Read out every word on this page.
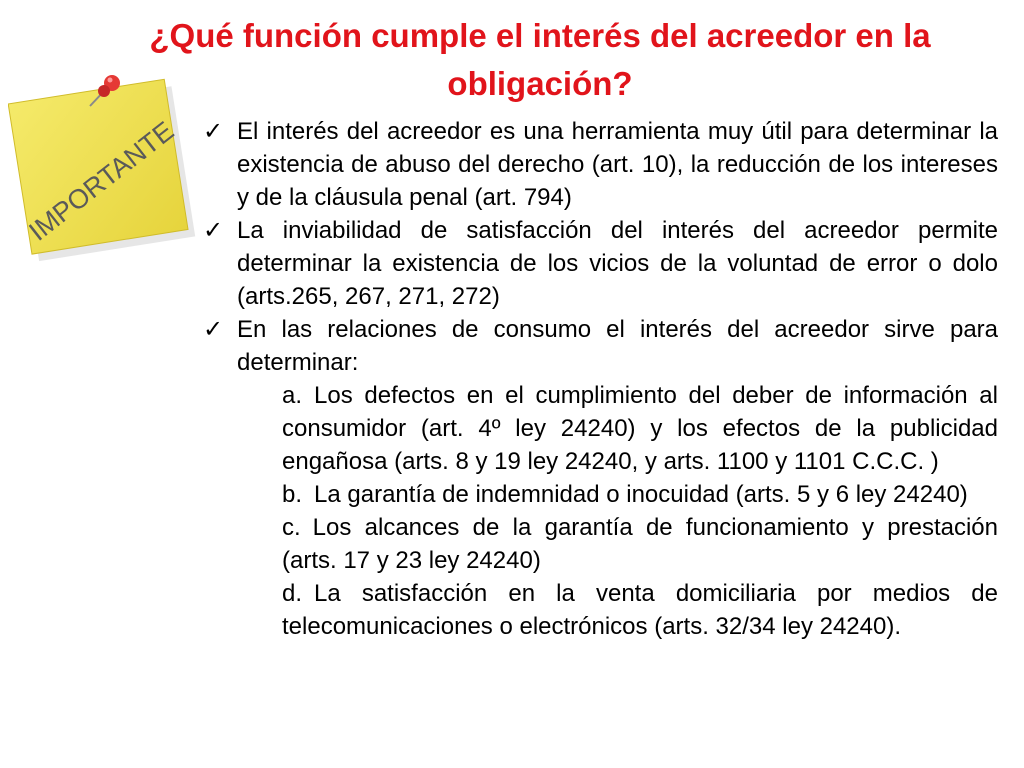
¿Qué función cumple el interés del acreedor en la obligación?
IMPORTANTE ✓ El interés del acreedor es una herramienta muy útil para determinar la existencia de abuso del derecho (art. 10), la reducción de los intereses y de la cláusula penal (art. 794)
✓ La inviabilidad de satisfacción del interés del acreedor permite determinar la existencia de los vicios de la voluntad de error o dolo (arts.265, 267, 271, 272)
✓ En las relaciones de consumo el interés del acreedor sirve para determinar:
a. Los defectos en el cumplimiento del deber de información al consumidor (art. 4º ley 24240) y los efectos de la publicidad engañosa (arts. 8 y 19 ley 24240, y arts. 1100 y 1101 C.C.C. )
b. La garantía de indemnidad o inocuidad (arts. 5 y 6 ley 24240)
c. Los alcances de la garantía de funcionamiento y prestación (arts. 17 y 23 ley 24240)
d. La satisfacción en la venta domiciliaria por medios de telecomunicaciones o electrónicos (arts. 32/34 ley 24240).
